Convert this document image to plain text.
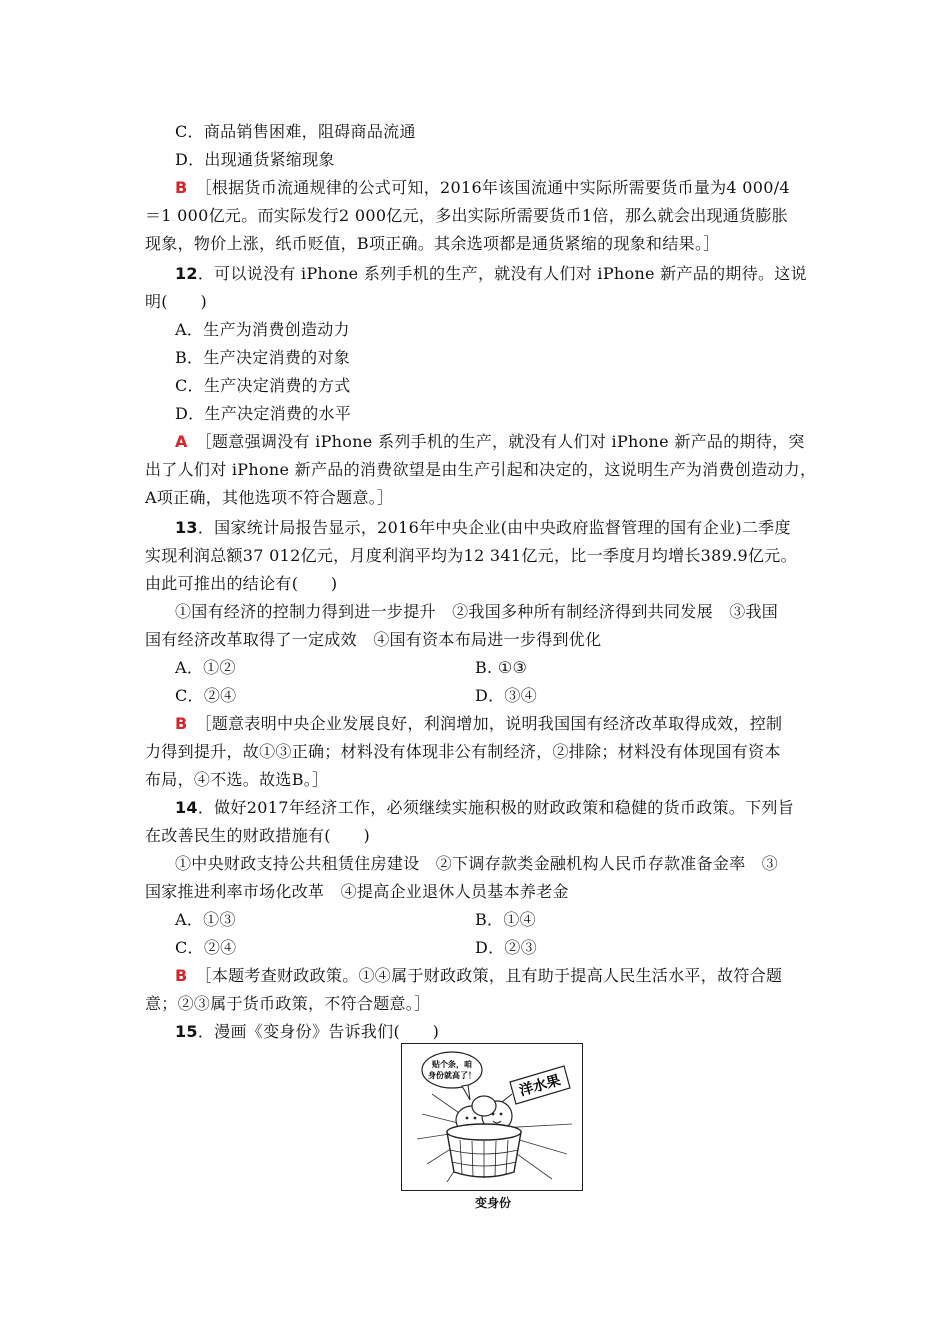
C．商品销售困难，阻碍商品流通
D．出现通货紧缩现象
B ［根据货币流通规律的公式可知，2016年该国流通中实际所需要货币量为4 000/4
＝1 000亿元。而实际发行2 000亿元，多出实际所需要货币1倍，那么就会出现通货膨胀
现象，物价上涨，纸币贬值，B项正确。其余选项都是通货紧缩的现象和结果。］
12．可以说没有 iPhone 系列手机的生产，就没有人们对 iPhone 新产品的期待。这说
明(　　)
A．生产为消费创造动力
B．生产决定消费的对象
C．生产决定消费的方式
D．生产决定消费的水平
A ［题意强调没有 iPhone 系列手机的生产，就没有人们对 iPhone 新产品的期待，突
出了人们对 iPhone 新产品的消费欲望是由生产引起和决定的，这说明生产为消费创造动力，
A项正确，其他选项不符合题意。］
13．国家统计局报告显示，2016年中央企业(由中央政府监督管理的国有企业)二季度
实现利润总额37 012亿元，月度利润平均为12 341亿元，比一季度月均增长389.9亿元。
由此可推出的结论有(　　)
①国有经济的控制力得到进一步提升　②我国多种所有制经济得到共同发展　③我国
国有经济改革取得了一定成效　④国有资本布局进一步得到优化
A．①②	B. ①③
C．②④	D．③④
B ［题意表明中央企业发展良好，利润增加，说明我国国有经济改革取得成效，控制
力得到提升，故①③正确；材料没有体现非公有制经济，②排除；材料没有体现国有资本
布局，④不选。故选B。］
14．做好2017年经济工作，必须继续实施积极的财政政策和稳健的货币政策。下列旨
在改善民生的财政措施有(　　)
①中央财政支持公共租赁住房建设　②下调存款类金融机构人民币存款准备金率　③
国家推进利率市场化改革　④提高企业退休人员基本养老金
A．①③	B．①④
C．②④	D．②③
B ［本题考查财政政策。①④属于财政政策，且有助于提高人民生活水平，故符合题
意；②③属于货币政策，不符合题意。］
15．漫画《变身份》告诉我们(　　)
贴个条，咱
身份就高了！	洋水果
变身份
